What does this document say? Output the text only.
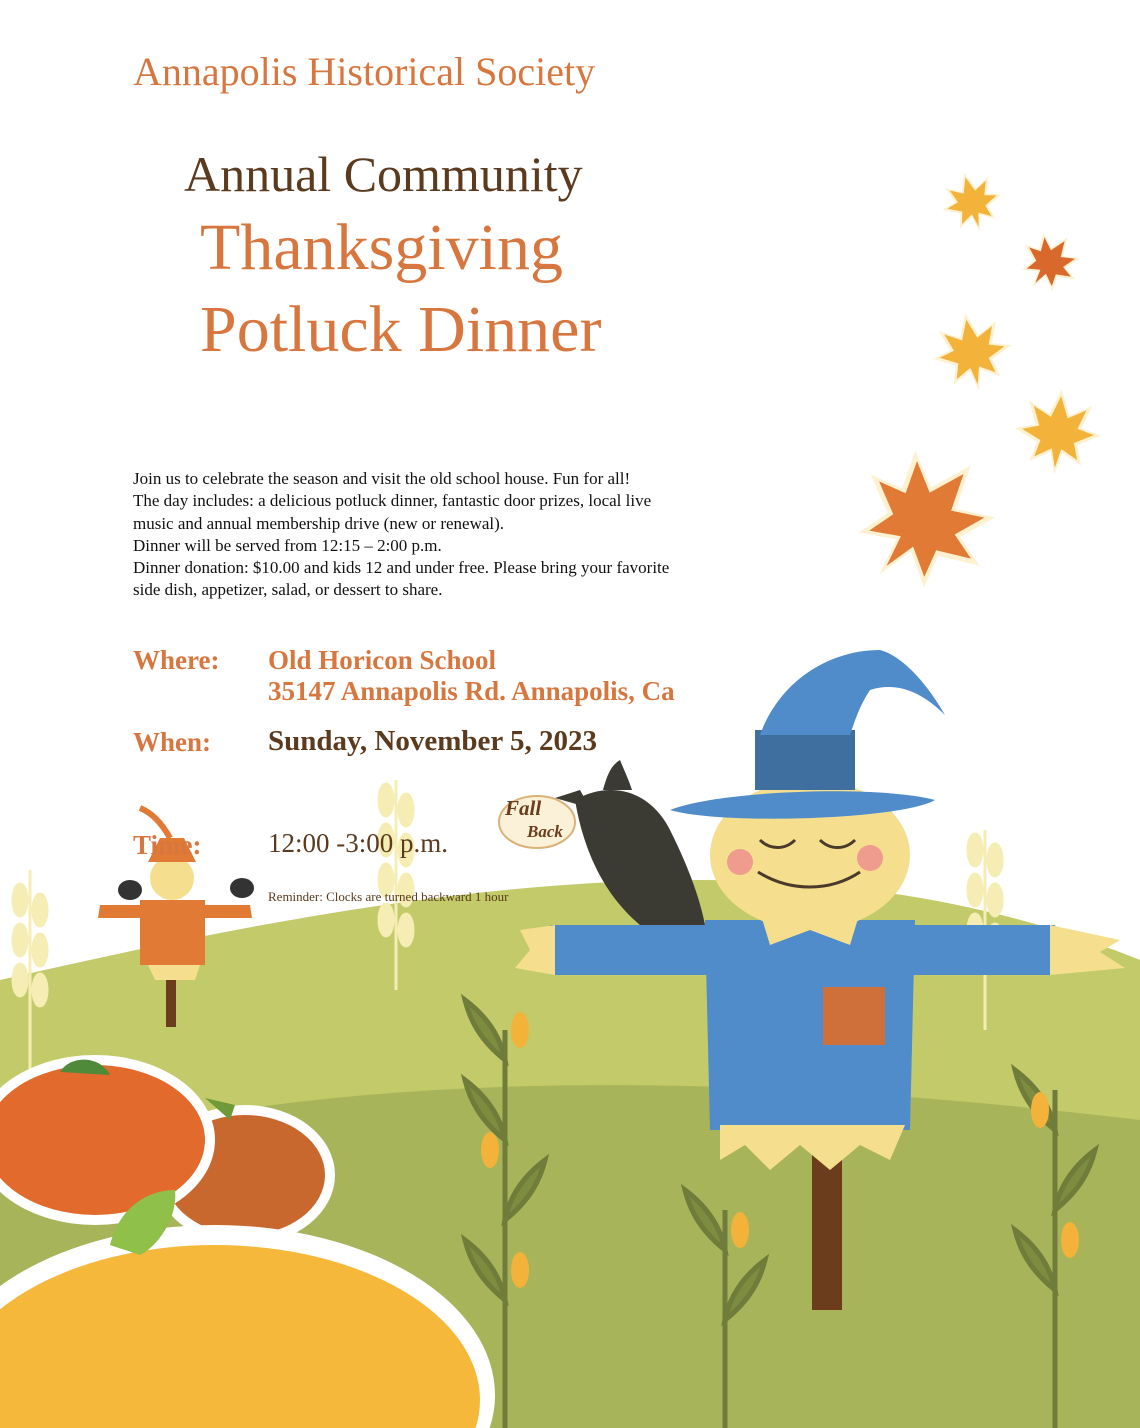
Annapolis Historical Society

Annual Community

Thanksgiving

Potluck Dinner

Join us to celebrate the season and visit the old school house. Fun for all!
The day includes: a delicious potluck dinner, fantastic door prizes, local live
music and annual membership drive (new or renewal).
Dinner will be served from 12:15 – 2:00 p.m.
Dinner donation: $10.00 and kids 12 and under free. Please bring your favorite
side dish, appetizer, salad, or dessert to share.

Where: Old Horicon School

35147 Annapolis Rd. Annapolis, Ca

When: Sunday, November 5, 2023

Time: 12:00 -3:00 p.m.

Reminder: Clocks are turned backward 1 hour

Fall
Back
